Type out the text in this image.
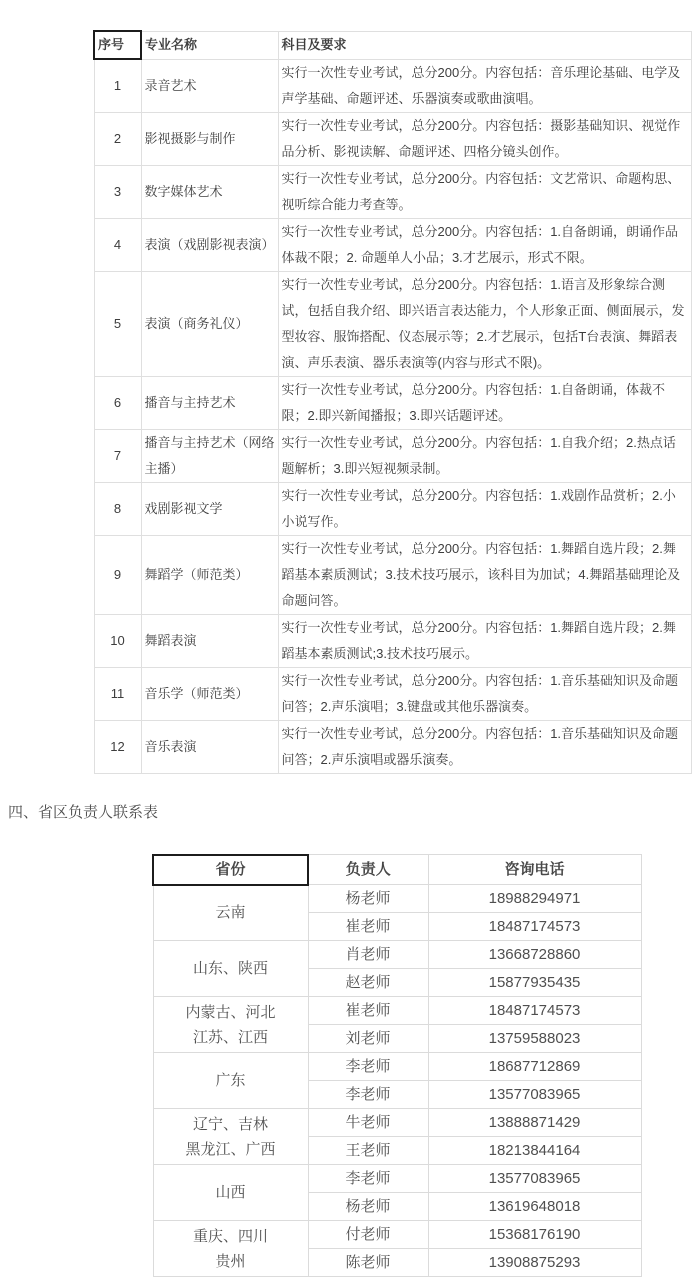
序号	专业名称	科目及要求
1	录音艺术	实行一次性专业考试，总分200分。内容包括：音乐理论基础、电学及声学基础、命题评述、乐器演奏或歌曲演唱。
2	影视摄影与制作	实行一次性专业考试，总分200分。内容包括：摄影基础知识、视觉作品分析、影视读解、命题评述、四格分镜头创作。
3	数字媒体艺术	实行一次性专业考试，总分200分。内容包括：文艺常识、命题构思、视听综合能力考查等。
4	表演（戏剧影视表演）	实行一次性专业考试，总分200分。内容包括：1.自备朗诵，朗诵作品体裁不限；2. 命题单人小品；3.才艺展示，形式不限。
5	表演（商务礼仪）	实行一次性专业考试，总分200分。内容包括：1.语言及形象综合测试，包括自我介绍、即兴语言表达能力，个人形象正面、侧面展示，发型妆容、服饰搭配、仪态展示等；2.才艺展示，包括T台表演、舞蹈表演、声乐表演、器乐表演等(内容与形式不限)。
6	播音与主持艺术	实行一次性专业考试，总分200分。内容包括：1.自备朗诵，体裁不限；2.即兴新闻播报；3.即兴话题评述。
7	播音与主持艺术（网络主播）	实行一次性专业考试，总分200分。内容包括：1.自我介绍；2.热点话题解析；3.即兴短视频录制。
8	戏剧影视文学	实行一次性专业考试，总分200分。内容包括：1.戏剧作品赏析；2.小小说写作。
9	舞蹈学（师范类）	实行一次性专业考试，总分200分。内容包括：1.舞蹈自选片段；2.舞蹈基本素质测试；3.技术技巧展示，该科目为加试；4.舞蹈基础理论及命题问答。
10	舞蹈表演	实行一次性专业考试，总分200分。内容包括：1.舞蹈自选片段；2.舞蹈基本素质测试;3.技术技巧展示。
11	音乐学（师范类）	实行一次性专业考试，总分200分。内容包括：1.音乐基础知识及命题问答；2.声乐演唱；3.键盘或其他乐器演奏。
12	音乐表演	实行一次性专业考试，总分200分。内容包括：1.音乐基础知识及命题问答；2.声乐演唱或器乐演奏。
四、省区负责人联系表
省份	负责人	咨询电话

云南	杨老师	18988294971
	崔老师	18487174573

山东、陕西	肖老师	13668728860
	赵老师	15877935435

内蒙古、河北
江苏、江西	崔老师	18487174573
	刘老师	13759588023

广东	李老师	18687712869
	李老师	13577083965

辽宁、吉林
黑龙江、广西	牛老师	13888871429
	王老师	18213844164

山西	李老师	13577083965
	杨老师	13619648018

重庆、四川
贵州	付老师	15368176190
	陈老师	13908875293
